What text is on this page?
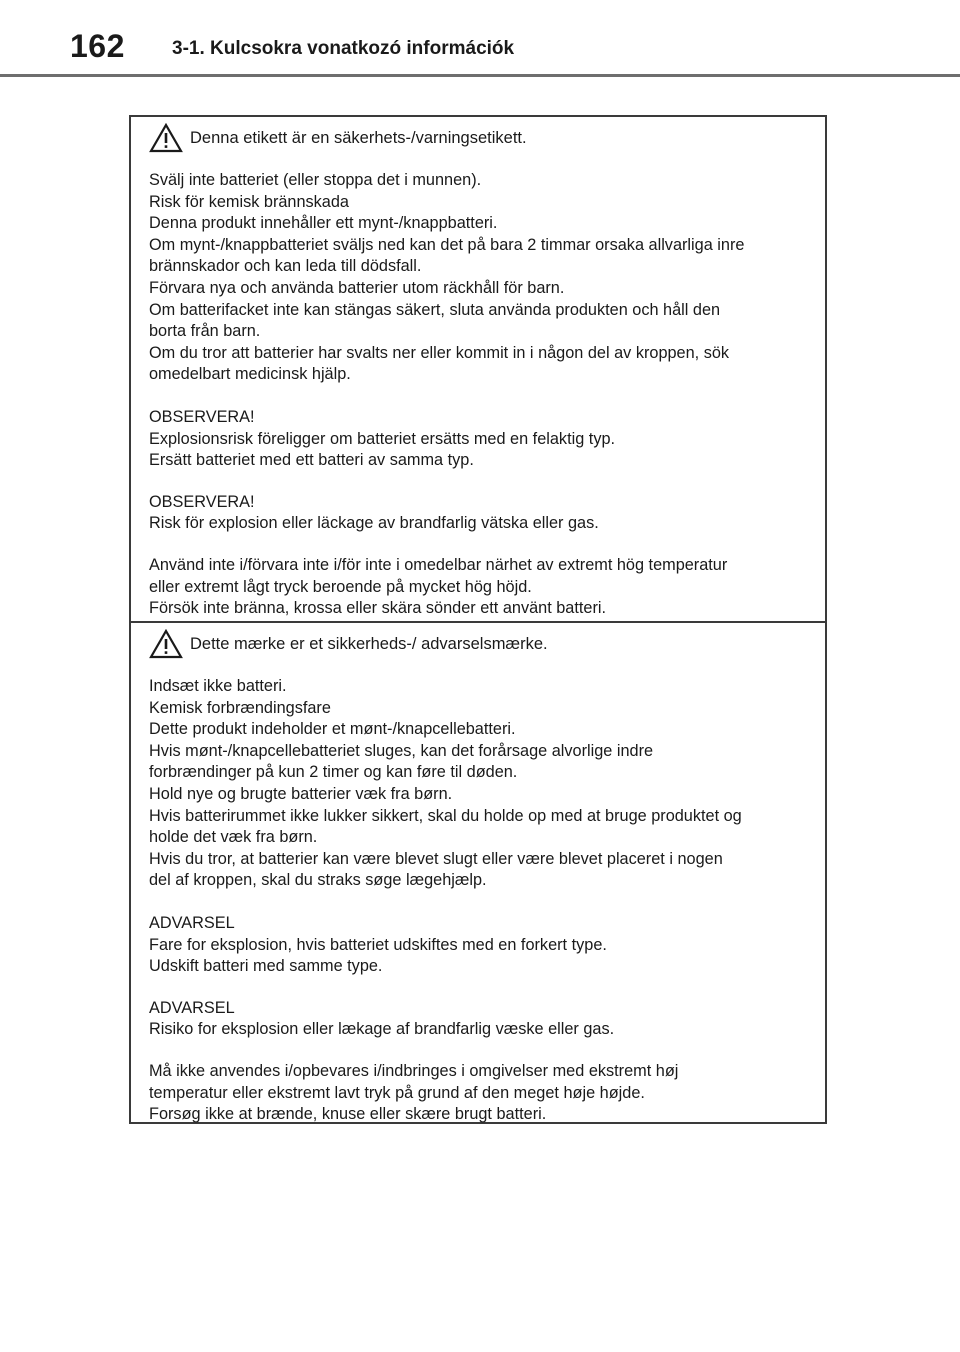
162 3-1. Kulcsokra vonatkozó információk
Denna etikett är en säkerhets-/varningsetikett.
Svälj inte batteriet (eller stoppa det i munnen).
Risk för kemisk brännskada
Denna produkt innehåller ett mynt-/knappbatteri.
Om mynt-/knappbatteriet sväljs ned kan det på bara 2 timmar orsaka allvarliga inre
brännskador och kan leda till dödsfall.
Förvara nya och använda batterier utom räckhåll för barn.
Om batterifacket inte kan stängas säkert, sluta använda produkten och håll den
borta från barn.
Om du tror att batterier har svalts ner eller kommit in i någon del av kroppen, sök
omedelbart medicinsk hjälp.
OBSERVERA!
Explosionsrisk föreligger om batteriet ersätts med en felaktig typ.
Ersätt batteriet med ett batteri av samma typ.
OBSERVERA!
Risk för explosion eller läckage av brandfarlig vätska eller gas.
Använd inte i/förvara inte i/för inte i omedelbar närhet av extremt hög temperatur
eller extremt lågt tryck beroende på mycket hög höjd.
Försök inte bränna, krossa eller skära sönder ett använt batteri.
Dette mærke er et sikkerheds-/ advarselsmærke.
Indsæt ikke batteri.
Kemisk forbrændingsfare
Dette produkt indeholder et mønt-/knapcellebatteri.
Hvis mønt-/knapcellebatteriet sluges, kan det forårsage alvorlige indre
forbrændinger på kun 2 timer og kan føre til døden.
Hold nye og brugte batterier væk fra børn.
Hvis batterirummet ikke lukker sikkert, skal du holde op med at bruge produktet og
holde det væk fra børn.
Hvis du tror, at batterier kan være blevet slugt eller være blevet placeret i nogen
del af kroppen, skal du straks søge lægehjælp.
ADVARSEL
Fare for eksplosion, hvis batteriet udskiftes med en forkert type.
Udskift batteri med samme type.
ADVARSEL
Risiko for eksplosion eller lækage af brandfarlig væske eller gas.
Må ikke anvendes i/opbevares i/indbringes i omgivelser med ekstremt høj
temperatur eller ekstremt lavt tryk på grund af den meget høje højde.
Forsøg ikke at brænde, knuse eller skære brugt batteri.
